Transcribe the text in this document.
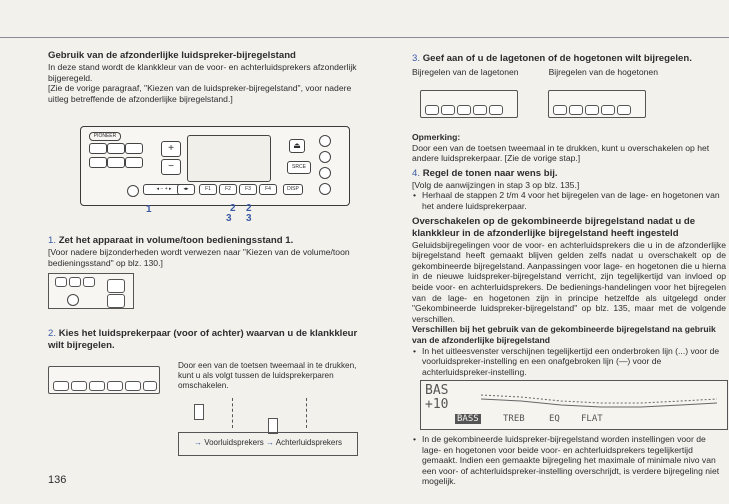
Gebruik van de afzonderlijke luidspreker-bijregelstand

In deze stand wordt de klankkleur van de voor- en achterluidsprekers afzonderlijk bijgeregeld.

[Zie de vorige paragraaf, "Kiezen van de luidspreker-bijregelstand", voor nadere uitleg betreffende de afzonderlijke bijregelstand.]

PIONEER
+
−
⏏
SRCE
◂ − + ▸	◂▸	F1	F2	F3	F4	DISP
1	2 2
3 3

1. Zet het apparaat in volume/toon bedieningsstand 1.

[Voor nadere bijzonderheden wordt verwezen naar "Kiezen van de volume/toon bedieningsstand" op blz. 130.]

2. Kies het luidsprekerpaar (voor of achter) waarvan u de klankkleur wilt bijregelen.

Door een van de toetsen tweemaal in te drukken, kunt u als volgt tussen de luidsprekerparen omschakelen.

→ Voorluidsprekers → Achterluidsprekers
136

3. Geef aan of u de lagetonen of de hogetonen wilt bijregelen.

Bijregelen van de lagetonen	Bijregelen van de hogetonen

Opmerking:

Door een van de toetsen tweemaal in te drukken, kunt u overschakelen op het andere luidsprekerpaar. [Zie de vorige stap.]

4. Regel de tonen naar wens bij.

[Volg de aanwijzingen in stap 3 op blz. 135.]

• Herhaal de stappen 2 t/m 4 voor het bijregelen van de lage- en hogetonen van het andere luidsprekerpaar.

Overschakelen op de gekombineerde bijregelstand nadat u de klankkleur in de afzonderlijke bijregelstand heeft ingesteld

Geluidsbijregelingen voor de voor- en achterluidsprekers die u in de afzonderlijke bijregelstand heeft gemaakt blijven gelden zelfs nadat u overschakelt op de gekombineerde bijregelstand. Aanpassingen voor lage- en hogetonen die u hierna in de nieuwe luidspreker-bijregelstand verricht, zijn tegelijkertijd van invloed op beide voor- en achterluidsprekers. De bedienings-handelingen voor het bijregelen van de lage- en hogetonen zijn in principe hetzelfde als uitgelegd onder "Gekombineerde luidspreker-bijregelstand" op blz. 135, maar met de volgende verschillen.

Verschillen bij het gebruik van de gekombineerde bijregelstand na gebruik van de afzonderlijke bijregelstand

• In het uitleesvenster verschijnen tegelijkertijd een onderbroken lijn (...) voor de voorluidspreker-instelling en een onafgebroken lijn (—) voor de achterluidspreker-instelling.

BAS
+10
BASS	TREB	EQ FLAT

• In de gekombineerde luidspreker-bijregelstand worden instellingen voor de lage- en hogetonen voor beide voor- en achterluidsprekers tegelijkertijd gemaakt. Indien een gemaakte bijregeling het maximale of minimale nivo van een voor- of achterluidspreker-instelling overschrijdt, is verdere bijregeling niet mogelijk.
